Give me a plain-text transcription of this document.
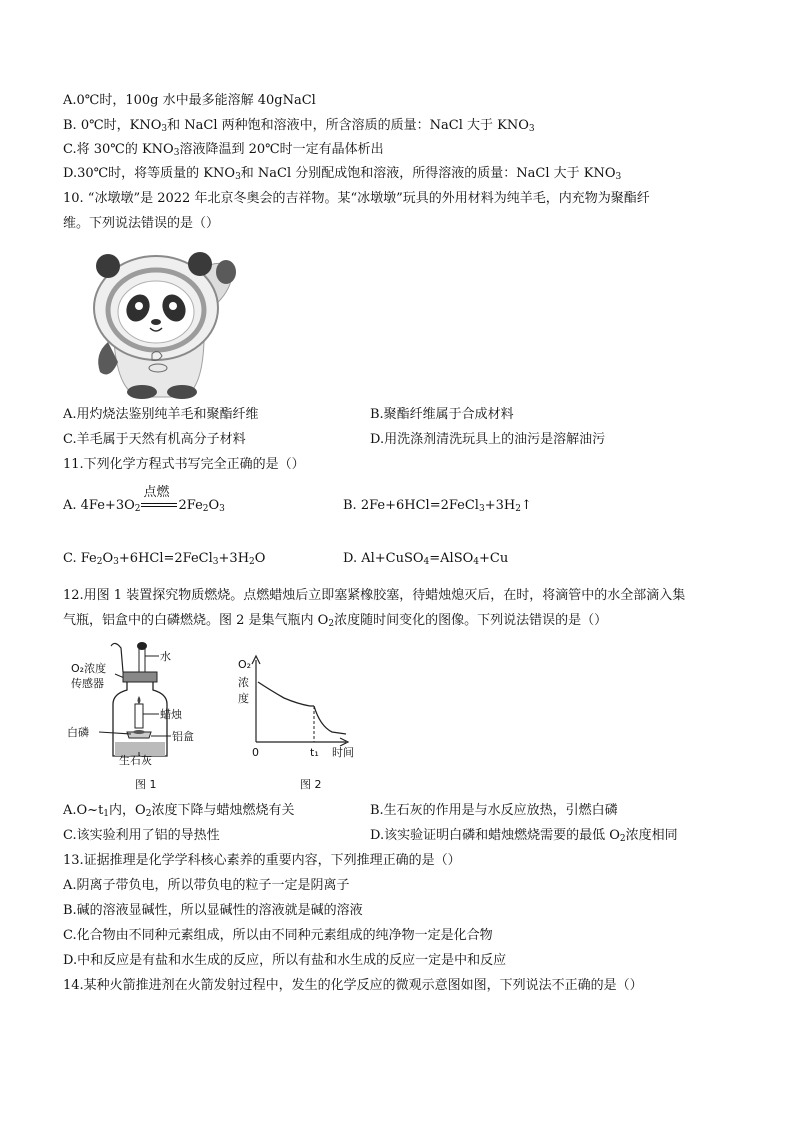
A.0℃时，100g 水中最多能溶解 40gNaCl
B. 0℃时，$KNO_3$和 NaCl 两种饱和溶液中，所含溶质的质量：NaCl 大于 $KNO_3$
C.将 30℃的 $KNO_3$溶液降温到 20℃时一定有晶体析出
D.30℃时，将等质量的 $KNO_3$和 NaCl 分别配成饱和溶液，所得溶液的质量：NaCl 大于 $KNO_3$
10. “冰墩墩”是 2022 年北京冬奥会的吉祥物。某“冰墩墩”玩具的外用材料为纯羊毛，内充物为聚酯纤
维。下列说法错误的是（）
A.用灼烧法鉴别纯羊毛和聚酯纤维	B.聚酯纤维属于合成材料
C.羊毛属于天然有机高分子材料	D.用洗涤剂清洗玩具上的油污是溶解油污
11.下列化学方程式书写完全正确的是（）
A. $4Fe+3O_2$
点燃
$2Fe_2O_3$	B. $2Fe+6HCl=2FeCl_3+3H_2↑$
C. $Fe_2O_3+6HCl=2FeCl_3+3H_2O$	D. Al+CuSO$_4$=AlSO$_4$+Cu
12.用图 1 装置探究物质燃烧。点燃蜡烛后立即塞紧橡胶塞，待蜡烛熄灭后，在时，将滴管中的水全部滴入集
气瓶，铝盒中的白磷燃烧。图 2 是集气瓶内 $O_2$浓度随时间变化的图像。下列说法错误的是（）
O₂浓度
传感器
水
蜡烛
白磷	铝盒
生石灰
图 1
O₂
浓
度
0	t₁ 时间
图 2
$A.O\sim t_1$内，$O_2$浓度下降与蜡烛燃烧有关	B.生石灰的作用是与水反应放热，引燃白磷
C.该实验利用了铝的导热性	D.该实验证明白磷和蜡烛燃烧需要的最低 $O_2$浓度相同
13.证据推理是化学学科核心素养的重要内容，下列推理正确的是（）
A.阴离子带负电，所以带负电的粒子一定是阴离子
B.碱的溶液显碱性，所以显碱性的溶液就是碱的溶液
C.化合物由不同种元素组成，所以由不同种元素组成的纯净物一定是化合物
D.中和反应是有盐和水生成的反应，所以有盐和水生成的反应一定是中和反应
14.某种火箭推进剂在火箭发射过程中，发生的化学反应的微观示意图如图，下列说法不正确的是（）
